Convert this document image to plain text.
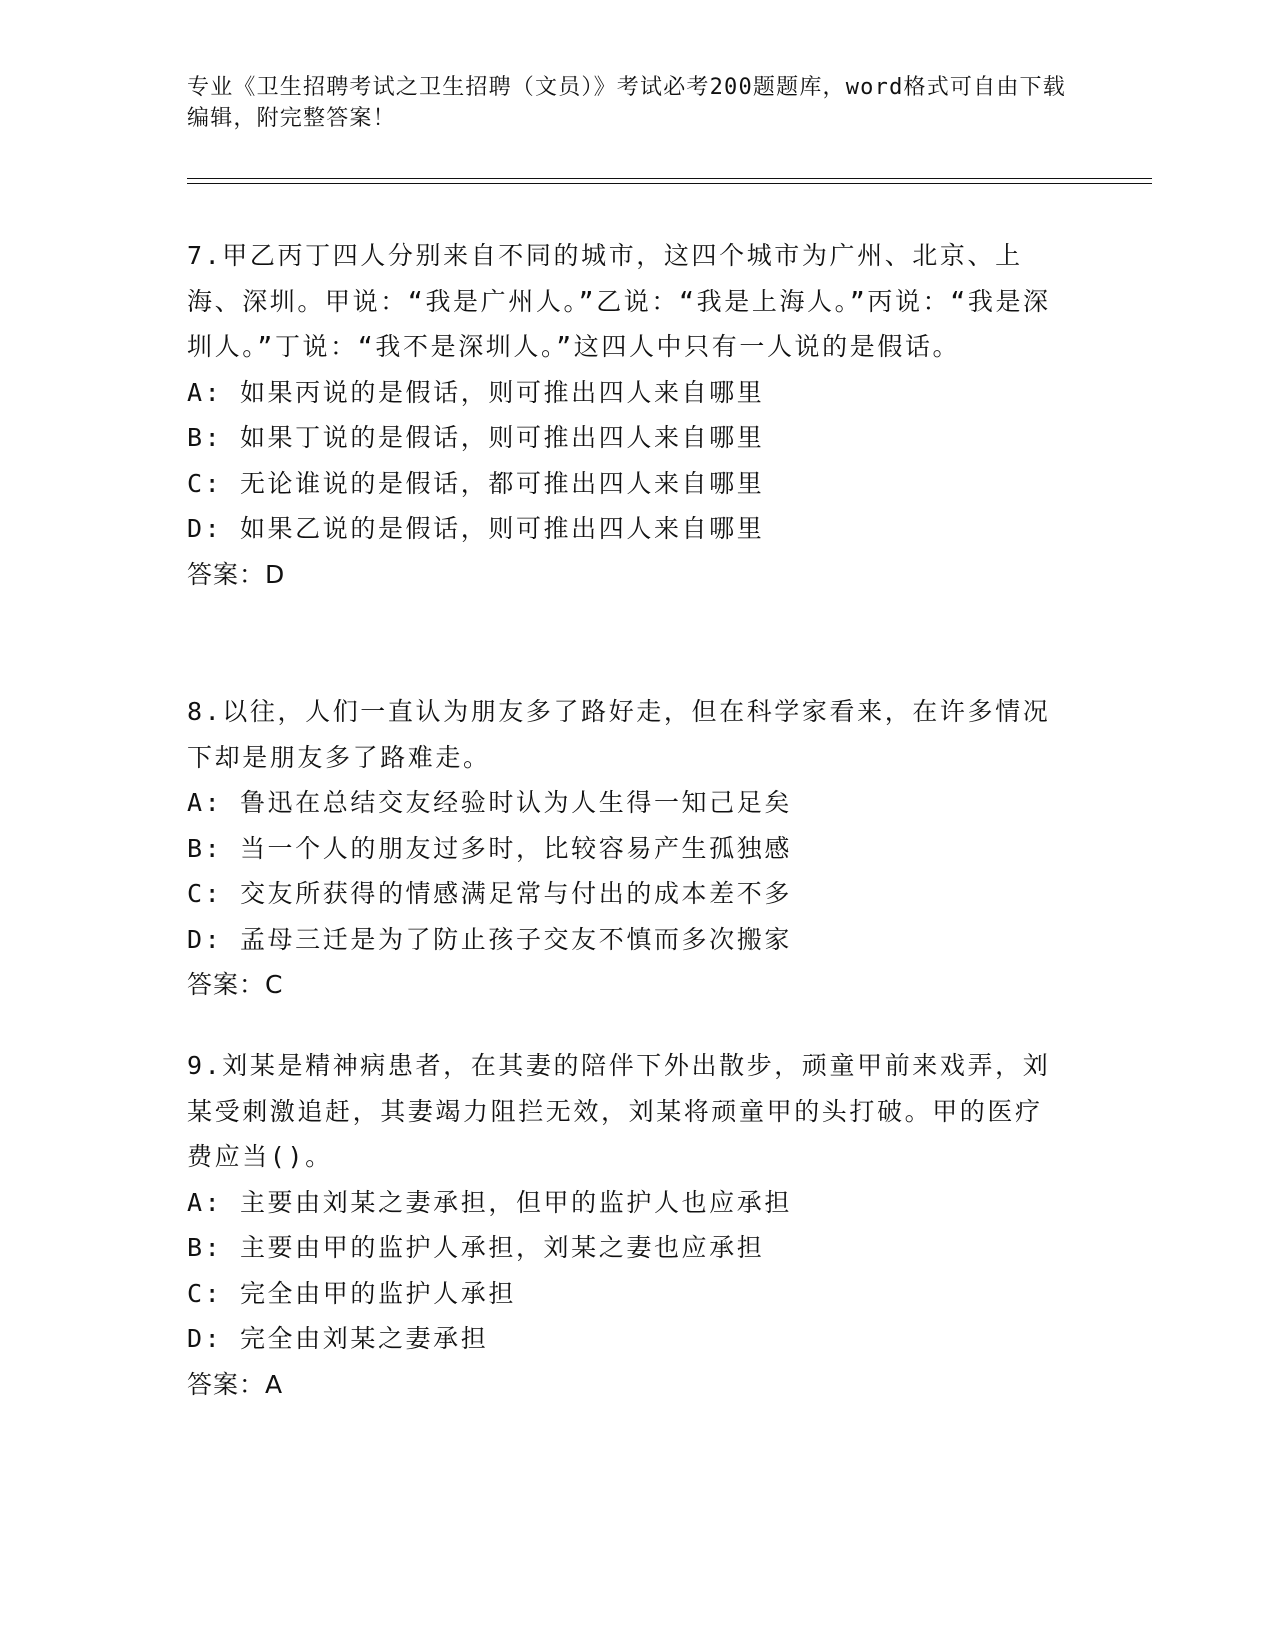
专业《卫生招聘考试之卫生招聘（文员）》考试必考200题题库，word格式可自由下载编辑，附完整答案！

7.甲乙丙丁四人分别来自不同的城市，这四个城市为广州、北京、上海、深圳。甲说：“我是广州人。”乙说：“我是上海人。”丙说：“我是深圳人。”丁说：“我不是深圳人。”这四人中只有一人说的是假话。

A: 如果丙说的是假话，则可推出四人来自哪里

B: 如果丁说的是假话，则可推出四人来自哪里

C: 无论谁说的是假话，都可推出四人来自哪里

D: 如果乙说的是假话，则可推出四人来自哪里

答案：D

8.以往，人们一直认为朋友多了路好走，但在科学家看来，在许多情况下却是朋友多了路难走。

A: 鲁迅在总结交友经验时认为人生得一知己足矣

B: 当一个人的朋友过多时，比较容易产生孤独感

C: 交友所获得的情感满足常与付出的成本差不多

D: 孟母三迁是为了防止孩子交友不慎而多次搬家

答案：C

9.刘某是精神病患者，在其妻的陪伴下外出散步，顽童甲前来戏弄，刘某受刺激追赶，其妻竭力阻拦无效，刘某将顽童甲的头打破。甲的医疗费应当()。

A: 主要由刘某之妻承担，但甲的监护人也应承担

B: 主要由甲的监护人承担，刘某之妻也应承担

C: 完全由甲的监护人承担

D: 完全由刘某之妻承担

答案：A
